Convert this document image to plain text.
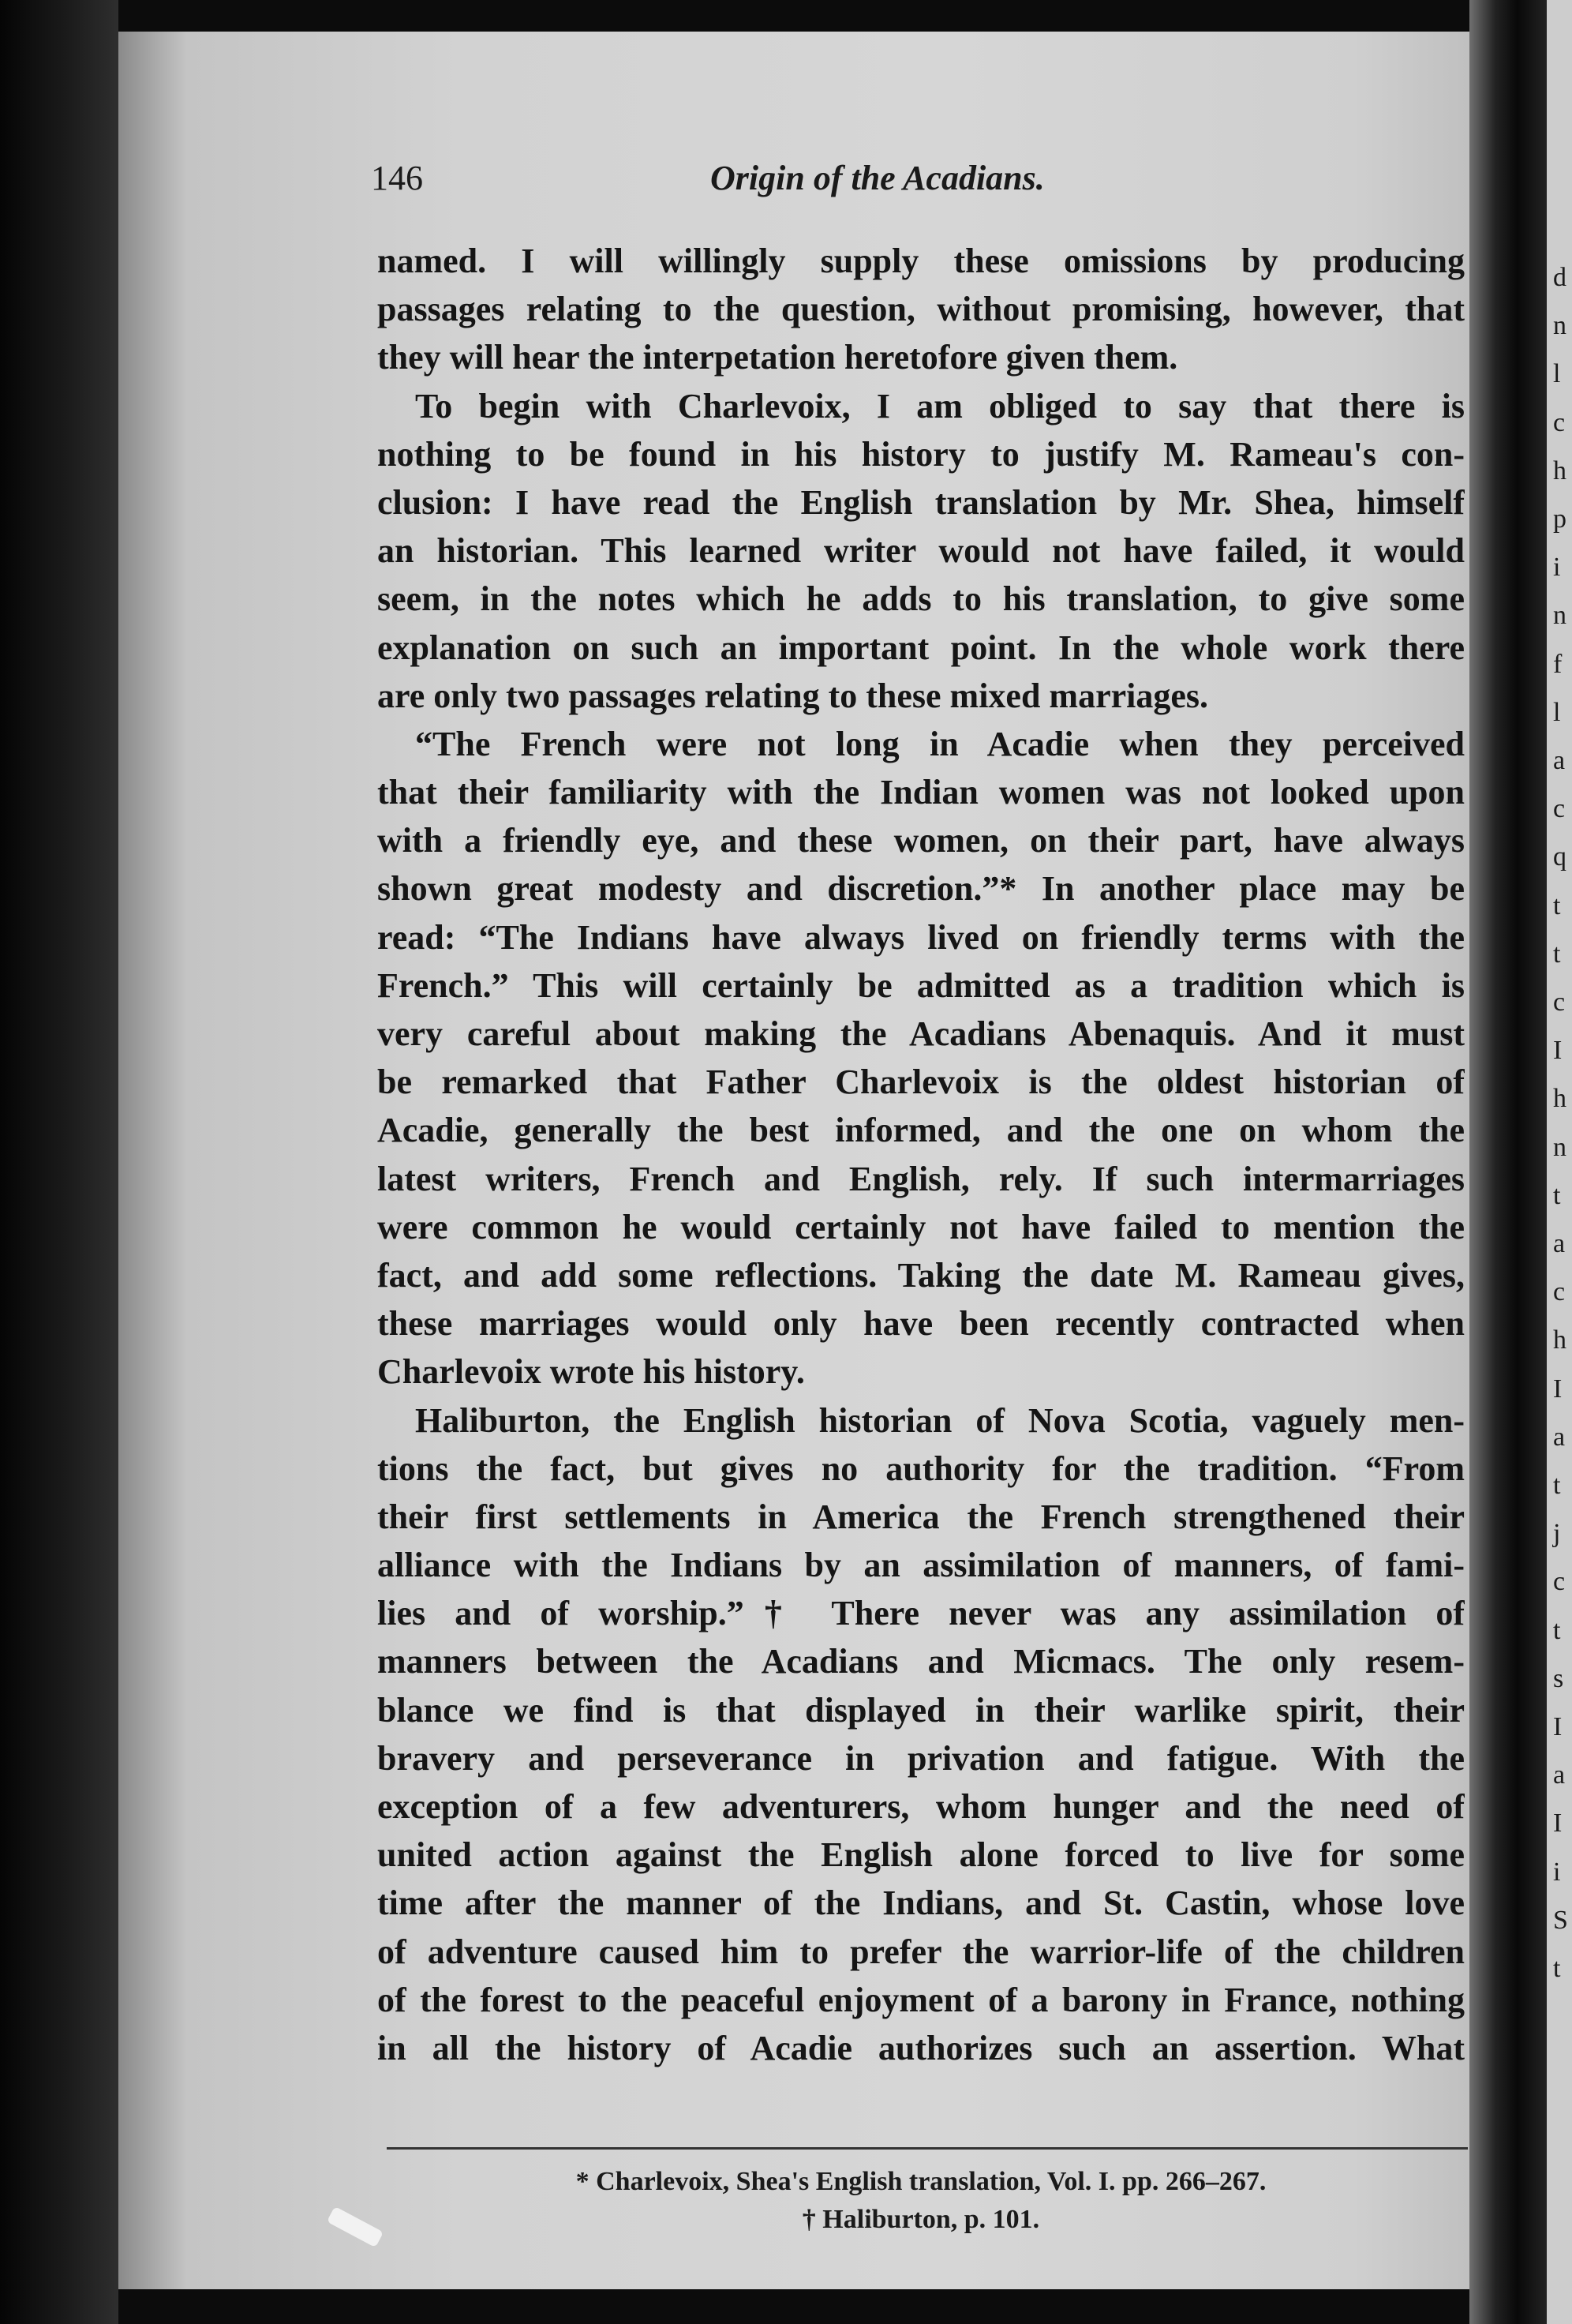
d
n
l
c
h
p
i
n
f
l
a
c
q
t
t
c
I
h
n
t
a
c
h
I
a
t
j
c
t
s
I
a
I
i
S
t
146	Origin of the Acadians.
named. I will willingly supply these omissions by producing
passages relating to the question, without promising, however, that
they will hear the interpetation heretofore given them.
To begin with Charlevoix, I am obliged to say that there is
nothing to be found in his history to justify M. Rameau's con-
clusion: I have read the English translation by Mr. Shea, himself
an historian. This learned writer would not have failed, it would
seem, in the notes which he adds to his translation, to give some
explanation on such an important point. In the whole work there
are only two passages relating to these mixed marriages.
“The French were not long in Acadie when they perceived
that their familiarity with the Indian women was not looked upon
with a friendly eye, and these women, on their part, have always
shown great modesty and discretion.”* In another place may be
read: “The Indians have always lived on friendly terms with the
French.” This will certainly be admitted as a tradition which is
very careful about making the Acadians Abenaquis. And it must
be remarked that Father Charlevoix is the oldest historian of
Acadie, generally the best informed, and the one on whom the
latest writers, French and English, rely. If such intermarriages
were common he would certainly not have failed to mention the
fact, and add some reflections. Taking the date M. Rameau gives,
these marriages would only have been recently contracted when
Charlevoix wrote his history.
Haliburton, the English historian of Nova Scotia, vaguely men-
tions the fact, but gives no authority for the tradition. “From
their first settlements in America the French strengthened their
alliance with the Indians by an assimilation of manners, of fami-
lies and of worship.”† There never was any assimilation of
manners between the Acadians and Micmacs. The only resem-
blance we find is that displayed in their warlike spirit, their
bravery and perseverance in privation and fatigue. With the
exception of a few adventurers, whom hunger and the need of
united action against the English alone forced to live for some
time after the manner of the Indians, and St. Castin, whose love
of adventure caused him to prefer the warrior-life of the children
of the forest to the peaceful enjoyment of a barony in France, nothing
in all the history of Acadie authorizes such an assertion. What
* Charlevoix, Shea's English translation, Vol. I. pp. 266–267.
† Haliburton, p. 101.
